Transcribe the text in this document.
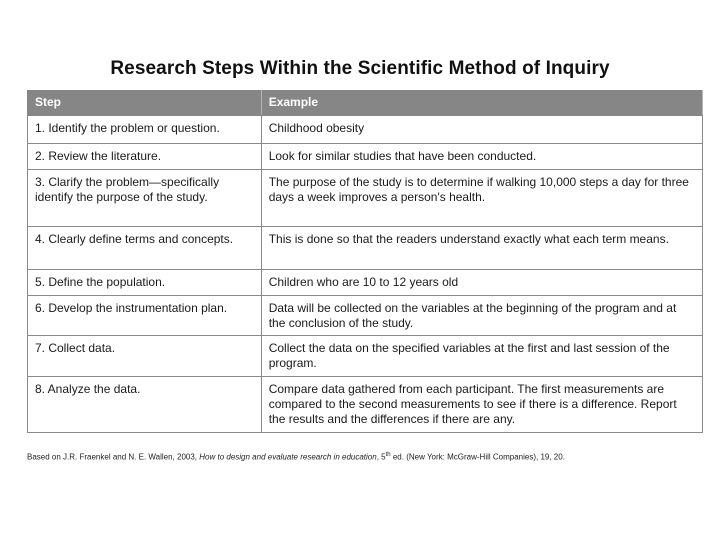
Research Steps Within the Scientific Method of Inquiry
Step	Example
1. Identify the problem or question.	Childhood obesity
2. Review the literature.	Look for similar studies that have been conducted.
3. Clarify the problem—specifically identify the purpose of the study.	The purpose of the study is to determine if walking 10,000 steps a day for three days a week improves a person's health.
4. Clearly define terms and concepts.	This is done so that the readers understand exactly what each term means.
5. Define the population.	Children who are 10 to 12 years old
6. Develop the instrumentation plan.	Data will be collected on the variables at the beginning of the program and at the conclusion of the study.
7. Collect data.	Collect the data on the specified variables at the first and last session of the program.
8. Analyze the data.	Compare data gathered from each participant. The first measurements are compared to the second measurements to see if there is a difference. Report the results and the differences if there are any.
Based on J.R. Fraenkel and N. E. Wallen, 2003, How to design and evaluate research in education, 5th ed. (New York: McGraw-Hill Companies), 19, 20.
